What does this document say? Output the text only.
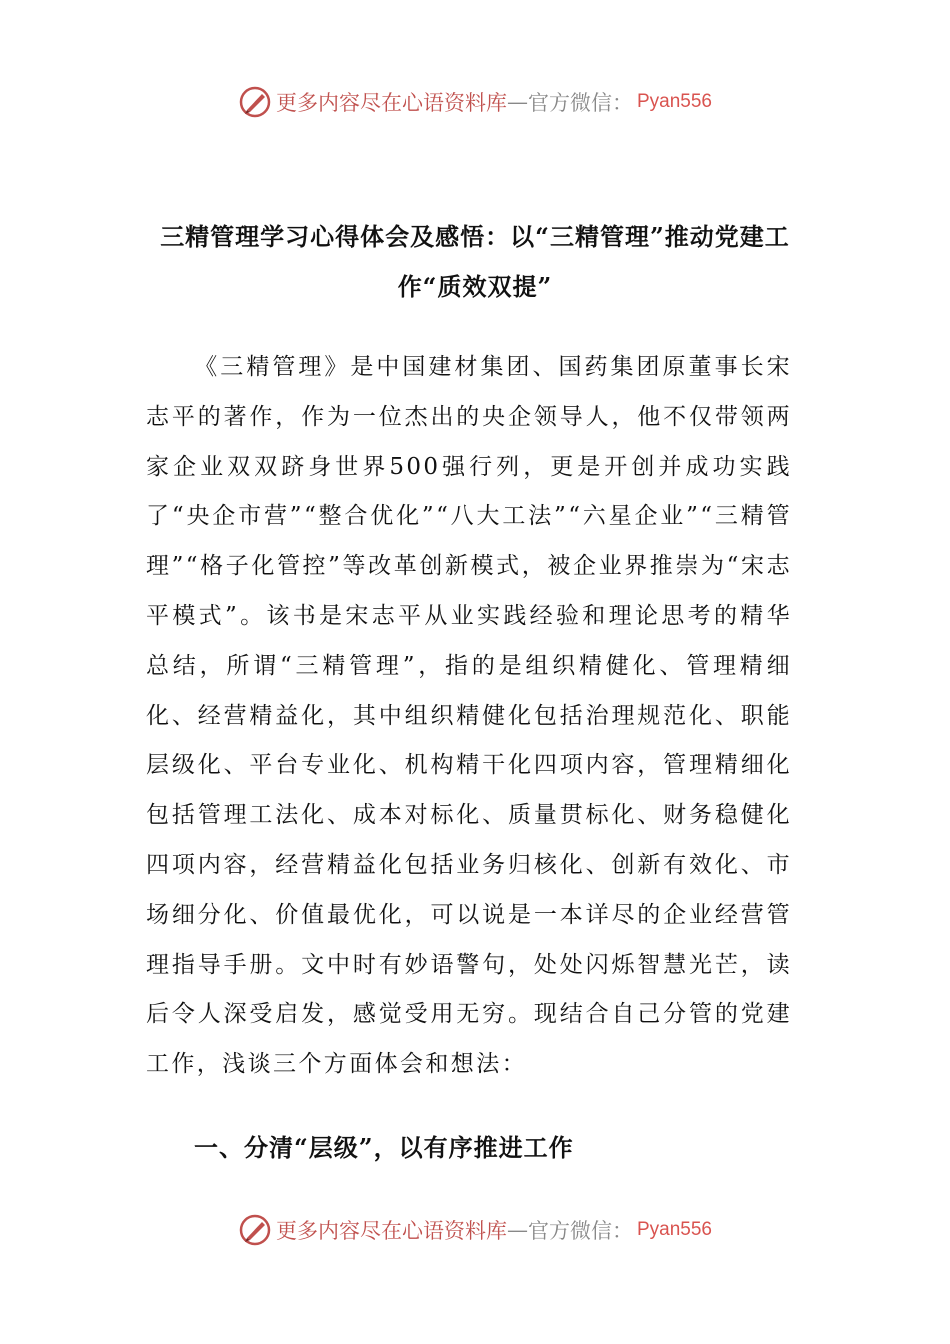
更多内容尽在心语资料库 — 官方微信： Pyan556
三精管理学习心得体会及感悟：以“三精管理”推动党建工作“质效双提”

《三精管理》是中国建材集团、国药集团原董事长宋志平的著作，作为一位杰出的央企领导人，他不仅带领两家企业双双跻身世界500强行列，更是开创并成功实践了“央企市营”“整合优化”“八大工法”“六星企业”“三精管理”“格子化管控”等改革创新模式，被企业界推崇为“宋志平模式”。该书是宋志平从业实践经验和理论思考的精华总结，所谓“三精管理”，指的是组织精健化、管理精细化、经营精益化，其中组织精健化包括治理规范化、职能层级化、平台专业化、机构精干化四项内容，管理精细化包括管理工法化、成本对标化、质量贯标化、财务稳健化四项内容，经营精益化包括业务归核化、创新有效化、市场细分化、价值最优化，可以说是一本详尽的企业经营管理指导手册。文中时有妙语警句，处处闪烁智慧光芒，读后令人深受启发，感觉受用无穷。现结合自己分管的党建工作，浅谈三个方面体会和想法：

一、分清“层级”，以有序推进工作
更多内容尽在心语资料库 — 官方微信： Pyan556
